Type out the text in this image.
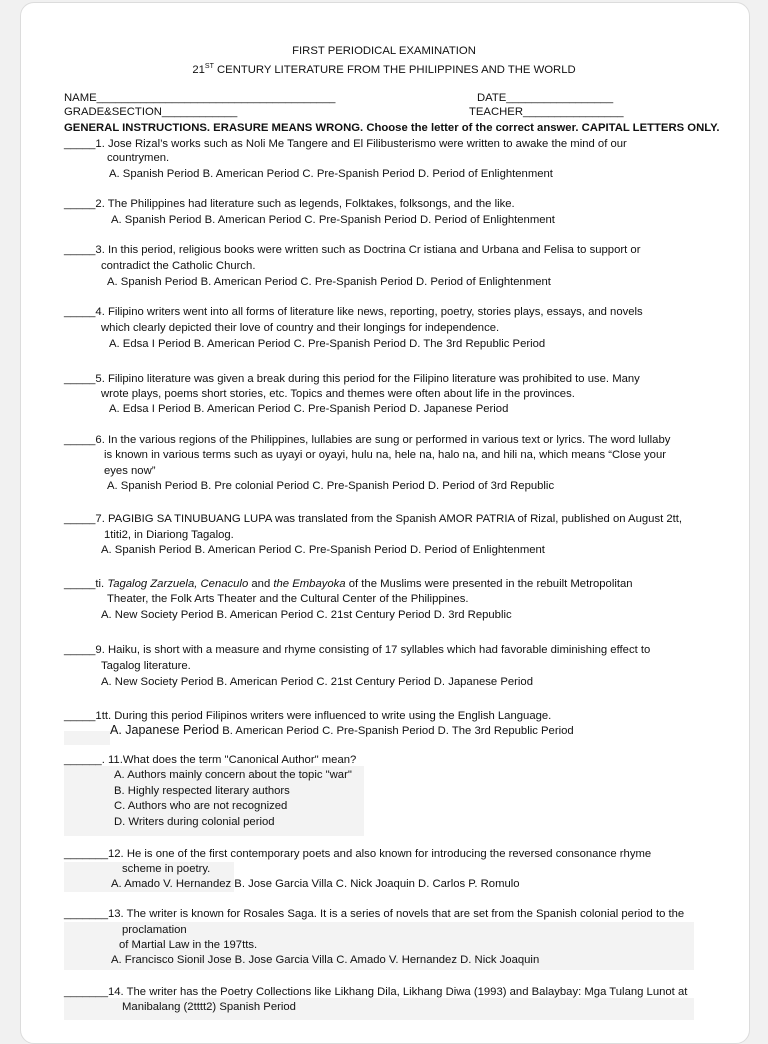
FIRST PERIODICAL EXAMINATION
21ST CENTURY LITERATURE FROM THE PHILIPPINES AND THE WORLD
NAME______________________________________	DATE_________________
GRADE&SECTION____________	TEACHER________________
GENERAL INSTRUCTIONS. ERASURE MEANS WRONG. Choose the letter of the correct answer. CAPITAL LETTERS ONLY.
_____1. Jose Rizal’s works such as Noli Me Tangere and El Filibusterismo were written to awake the mind of our
countrymen.
A. Spanish Period B. American Period C. Pre-Spanish Period D. Period of Enlightenment
_____2. The Philippines had literature such as legends, Folktakes, folksongs, and the like.
A. Spanish Period B. American Period C. Pre-Spanish Period D. Period of Enlightenment
_____3. In this period, religious books were written such as Doctrina Cr istiana and Urbana and Felisa to support or
contradict the Catholic Church.
A. Spanish Period B. American Period C. Pre-Spanish Period D. Period of Enlightenment
_____4. Filipino writers went into all forms of literature like news, reporting, poetry, stories plays, essays, and novels
which clearly depicted their love of country and their longings for independence.
A. Edsa I Period B. American Period C. Pre-Spanish Period D. The 3rd Republic Period
_____5. Filipino literature was given a break during this period for the Filipino literature was prohibited to use. Many
wrote plays, poems short stories, etc. Topics and themes were often about life in the provinces.
A. Edsa I Period B. American Period C. Pre-Spanish Period D. Japanese Period
_____6. In the various regions of the Philippines, lullabies are sung or performed in various text or lyrics. The word lullaby
is known in various terms such as uyayi or oyayi, hulu na, hele na, halo na, and hili na, which means “Close your
eyes now”
A. Spanish Period B. Pre colonial Period C. Pre-Spanish Period D. Period of 3rd Republic
_____7. PAGIBIG SA TINUBUANG LUPA was translated from the Spanish AMOR PATRIA of Rizal, published on August 2tt,
1titi2, in Diariong Tagalog.
A. Spanish Period B. American Period C. Pre-Spanish Period D. Period of Enlightenment
_____ti. Tagalog Zarzuela, Cenaculo and the Embayoka of the Muslims were presented in the rebuilt Metropolitan
Theater, the Folk Arts Theater and the Cultural Center of the Philippines.
A. New Society Period B. American Period C. 21st Century Period D. 3rd Republic
_____9. Haiku, is short with a measure and rhyme consisting of 17 syllables which had favorable diminishing effect to
Tagalog literature.
A. New Society Period B. American Period C. 21st Century Period D. Japanese Period
_____1tt. During this period Filipinos writers were influenced to write using the English Language.
A. Japanese Period B. American Period C. Pre-Spanish Period D. The 3rd Republic Period
______. 11.What does the term "Canonical Author" mean?
A. Authors mainly concern about the topic "war"
B. Highly respected literary authors
C. Authors who are not recognized
D. Writers during colonial period
_______12. He is one of the first contemporary poets and also known for introducing the reversed consonance rhyme
scheme in poetry.
A. Amado V. Hernandez B. Jose Garcia Villa C. Nick Joaquin D. Carlos P. Romulo
_______13. The writer is known for Rosales Saga. It is a series of novels that are set from the Spanish colonial period to the
proclamation
of Martial Law in the 197tts.
A. Francisco Sionil Jose B. Jose Garcia Villa C. Amado V. Hernandez D. Nick Joaquin
_______14. The writer has the Poetry Collections like Likhang Dila, Likhang Diwa (1993) and Balaybay: Mga Tulang Lunot at
Manibalang (2tttt2) Spanish Period
